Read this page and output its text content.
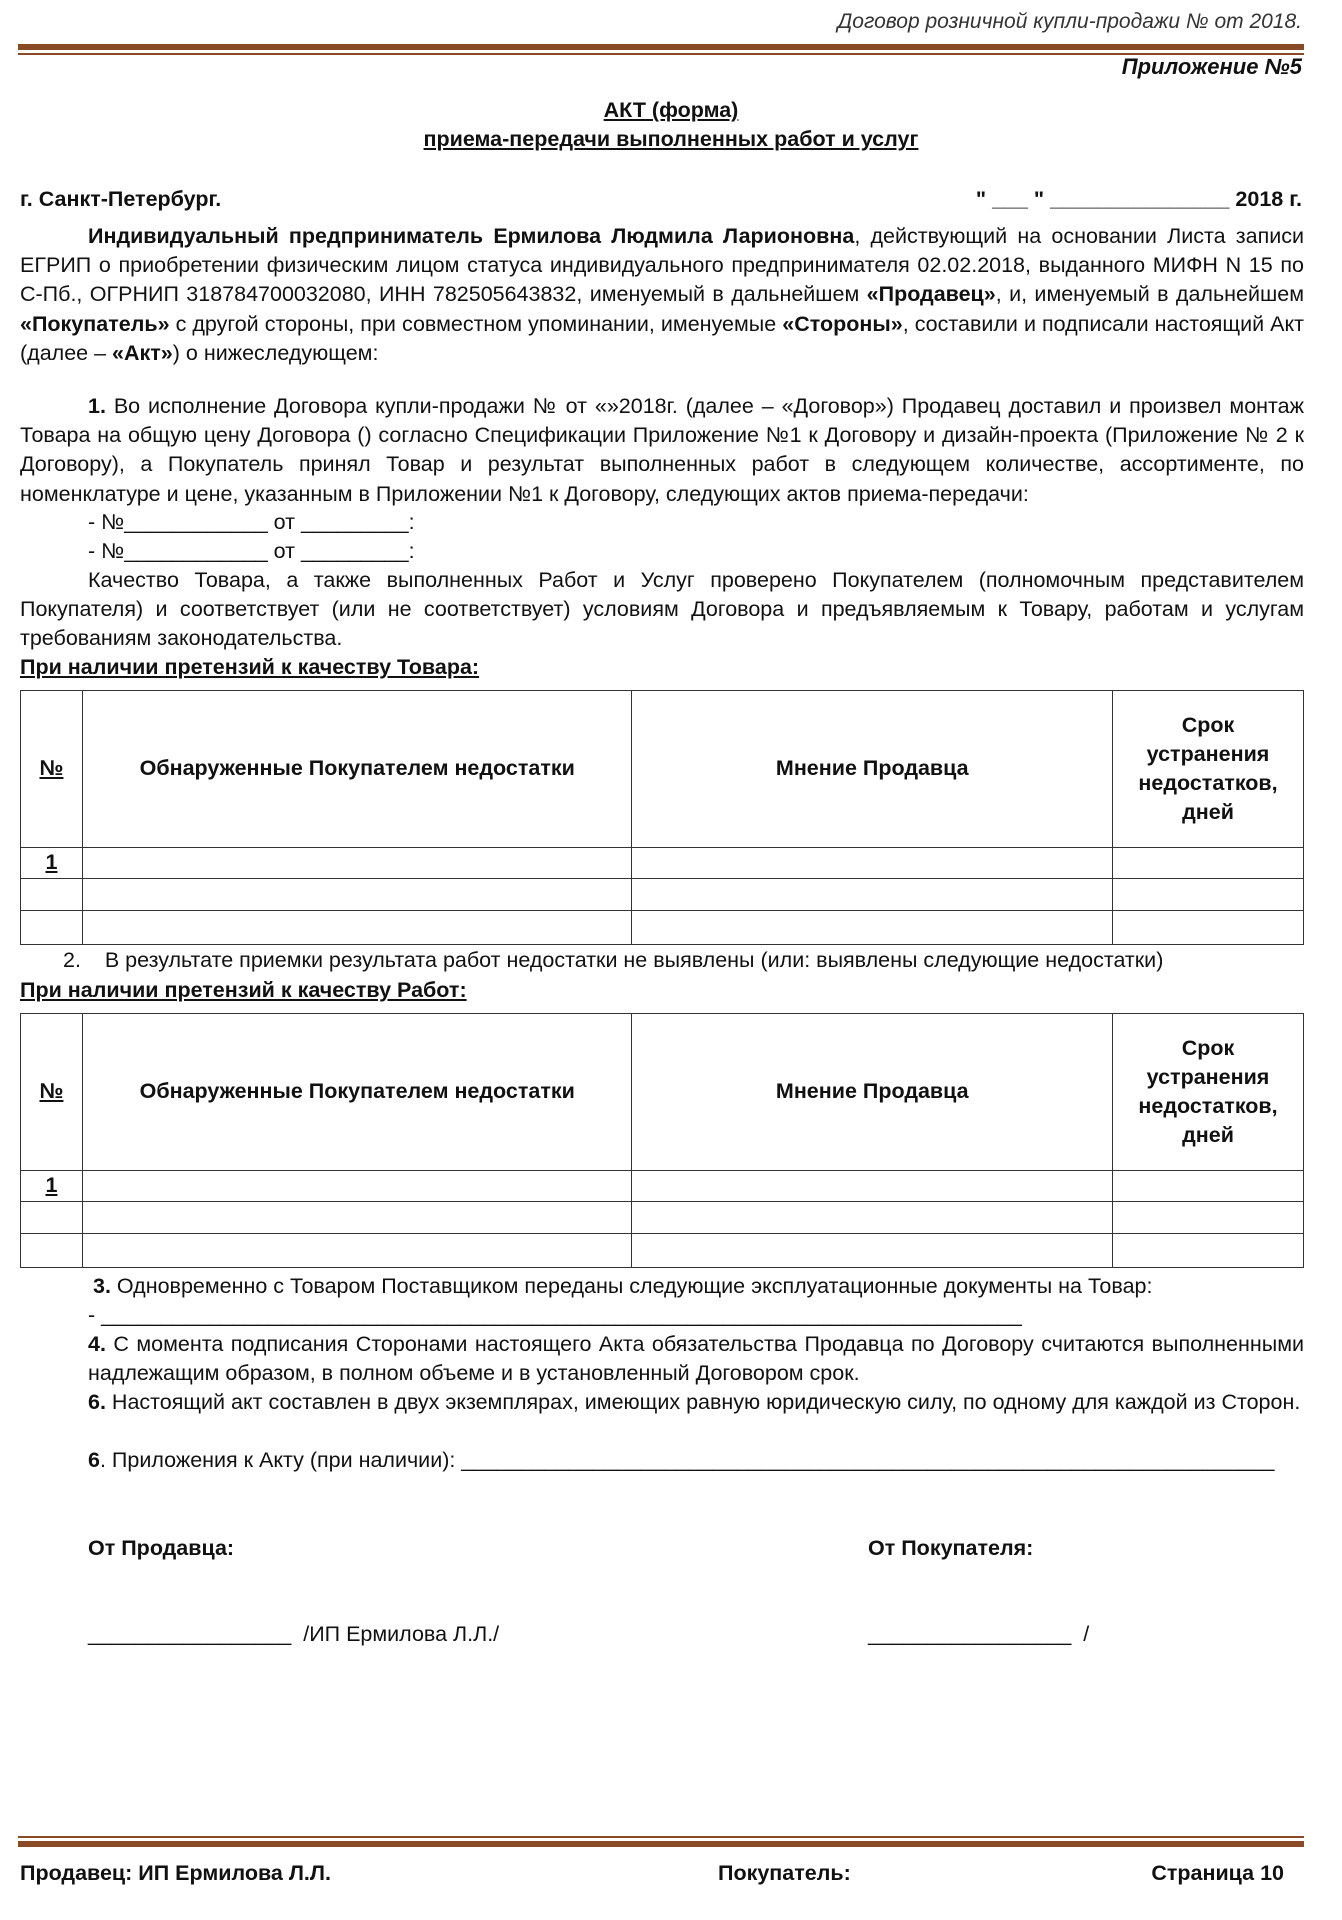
Договор розничной купли-продажи № от 2018.
Приложение №5
АКТ (форма)
приема-передачи выполненных работ и услуг
г. Санкт-Петербург.	" ___ " _______________ 2018 г.
Индивидуальный предприниматель Ермилова Людмила Ларионовна, действующий на основании Листа записи ЕГРИП о приобретении физическим лицом статуса индивидуального предпринимателя 02.02.2018, выданного МИФН N 15 по С-Пб., ОГРНИП 318784700032080, ИНН 782505643832, именуемый в дальнейшем «Продавец», и, именуемый в дальнейшем «Покупатель» с другой стороны, при совместном упоминании, именуемые «Стороны», составили и подписали настоящий Акт (далее – «Акт») о нижеследующем:
1. Во исполнение Договора купли-продажи № от «»2018г. (далее – «Договор») Продавец доставил и произвел монтаж Товара на общую цену Договора () согласно Спецификации Приложение №1 к Договору и дизайн-проекта (Приложение № 2 к Договору), а Покупатель принял Товар и результат выполненных работ в следующем количестве, ассортименте, по номенклатуре и цене, указанным в Приложении №1 к Договору, следующих актов приема-передачи:
- №____________ от _________:
- №____________ от _________:
Качество Товара, а также выполненных Работ и Услуг проверено Покупателем (полномочным представителем Покупателя) и соответствует (или не соответствует) условиям Договора и предъявляемым к Товару, работам и услугам требованиям законодательства.
При наличии претензий к качеству Товара:
№	Обнаруженные Покупателем недостатки	Мнение Продавца	Срок устранения недостатков, дней
1			

2. В результате приемки результата работ недостатки не выявлены (или: выявлены следующие недостатки)
При наличии претензий к качеству Работ:
№	Обнаруженные Покупателем недостатки	Мнение Продавца	Срок устранения недостатков, дней
1			

3. Одновременно с Товаром Поставщиком переданы следующие эксплуатационные документы на Товар:
- _____________________________________________________________________________
4. С момента подписания Сторонами настоящего Акта обязательства Продавца по Договору считаются выполненными надлежащим образом, в полном объеме и в установленный Договором срок.
6. Настоящий акт составлен в двух экземплярах, имеющих равную юридическую силу, по одному для каждой из Сторон.
6. Приложения к Акту (при наличии): ____________________________________________________________________
От Продавца:	От Покупателя:
_________________  /ИП Ермилова Л.Л./	_________________  /
Продавец: ИП Ермилова Л.Л.	Покупатель:	Страница 10
